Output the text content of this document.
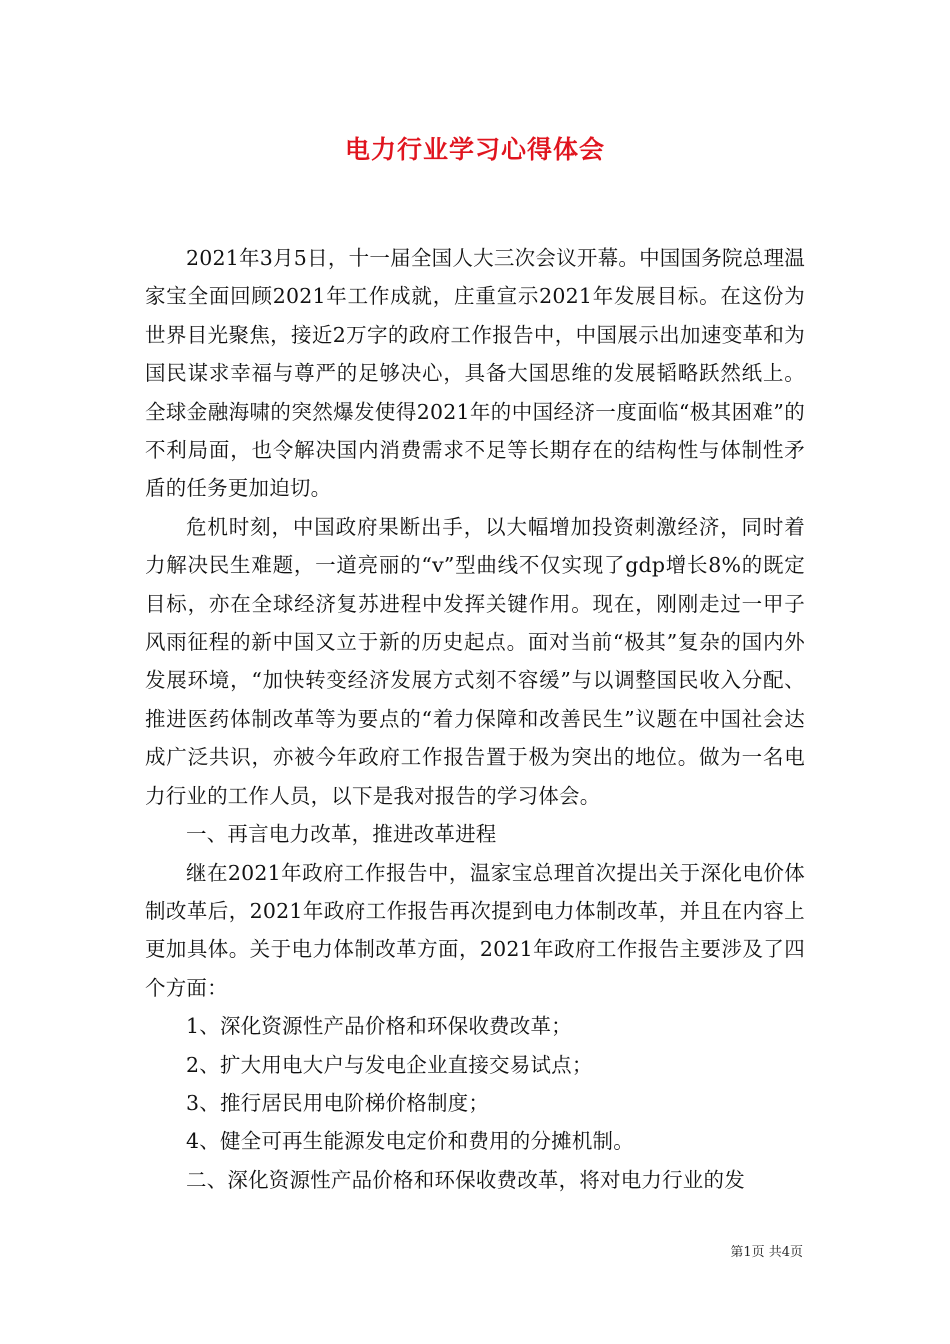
电力行业学习心得体会

2021年3月5日，十一届全国人大三次会议开幕。中国国务院总理温家宝全面回顾2021年工作成就，庄重宣示2021年发展目标。在这份为世界目光聚焦，接近2万字的政府工作报告中，中国展示出加速变革和为国民谋求幸福与尊严的足够决心，具备大国思维的发展韬略跃然纸上。全球金融海啸的突然爆发使得2021年的中国经济一度面临“极其困难”的不利局面，也令解决国内消费需求不足等长期存在的结构性与体制性矛盾的任务更加迫切。

危机时刻，中国政府果断出手，以大幅增加投资刺激经济，同时着力解决民生难题，一道亮丽的“v”型曲线不仅实现了gdp增长8%的既定目标，亦在全球经济复苏进程中发挥关键作用。现在，刚刚走过一甲子风雨征程的新中国又立于新的历史起点。面对当前“极其”复杂的国内外发展环境，“加快转变经济发展方式刻不容缓”与以调整国民收入分配、推进医药体制改革等为要点的“着力保障和改善民生”议题在中国社会达成广泛共识，亦被今年政府工作报告置于极为突出的地位。做为一名电力行业的工作人员，以下是我对报告的学习体会。

一、再言电力改革，推进改革进程

继在2021年政府工作报告中，温家宝总理首次提出关于深化电价体制改革后，2021年政府工作报告再次提到电力体制改革，并且在内容上更加具体。关于电力体制改革方面，2021年政府工作报告主要涉及了四个方面：

1、深化资源性产品价格和环保收费改革；

2、扩大用电大户与发电企业直接交易试点；

3、推行居民用电阶梯价格制度；

4、健全可再生能源发电定价和费用的分摊机制。

二、深化资源性产品价格和环保收费改革，将对电力行业的发

第1页 共4页
